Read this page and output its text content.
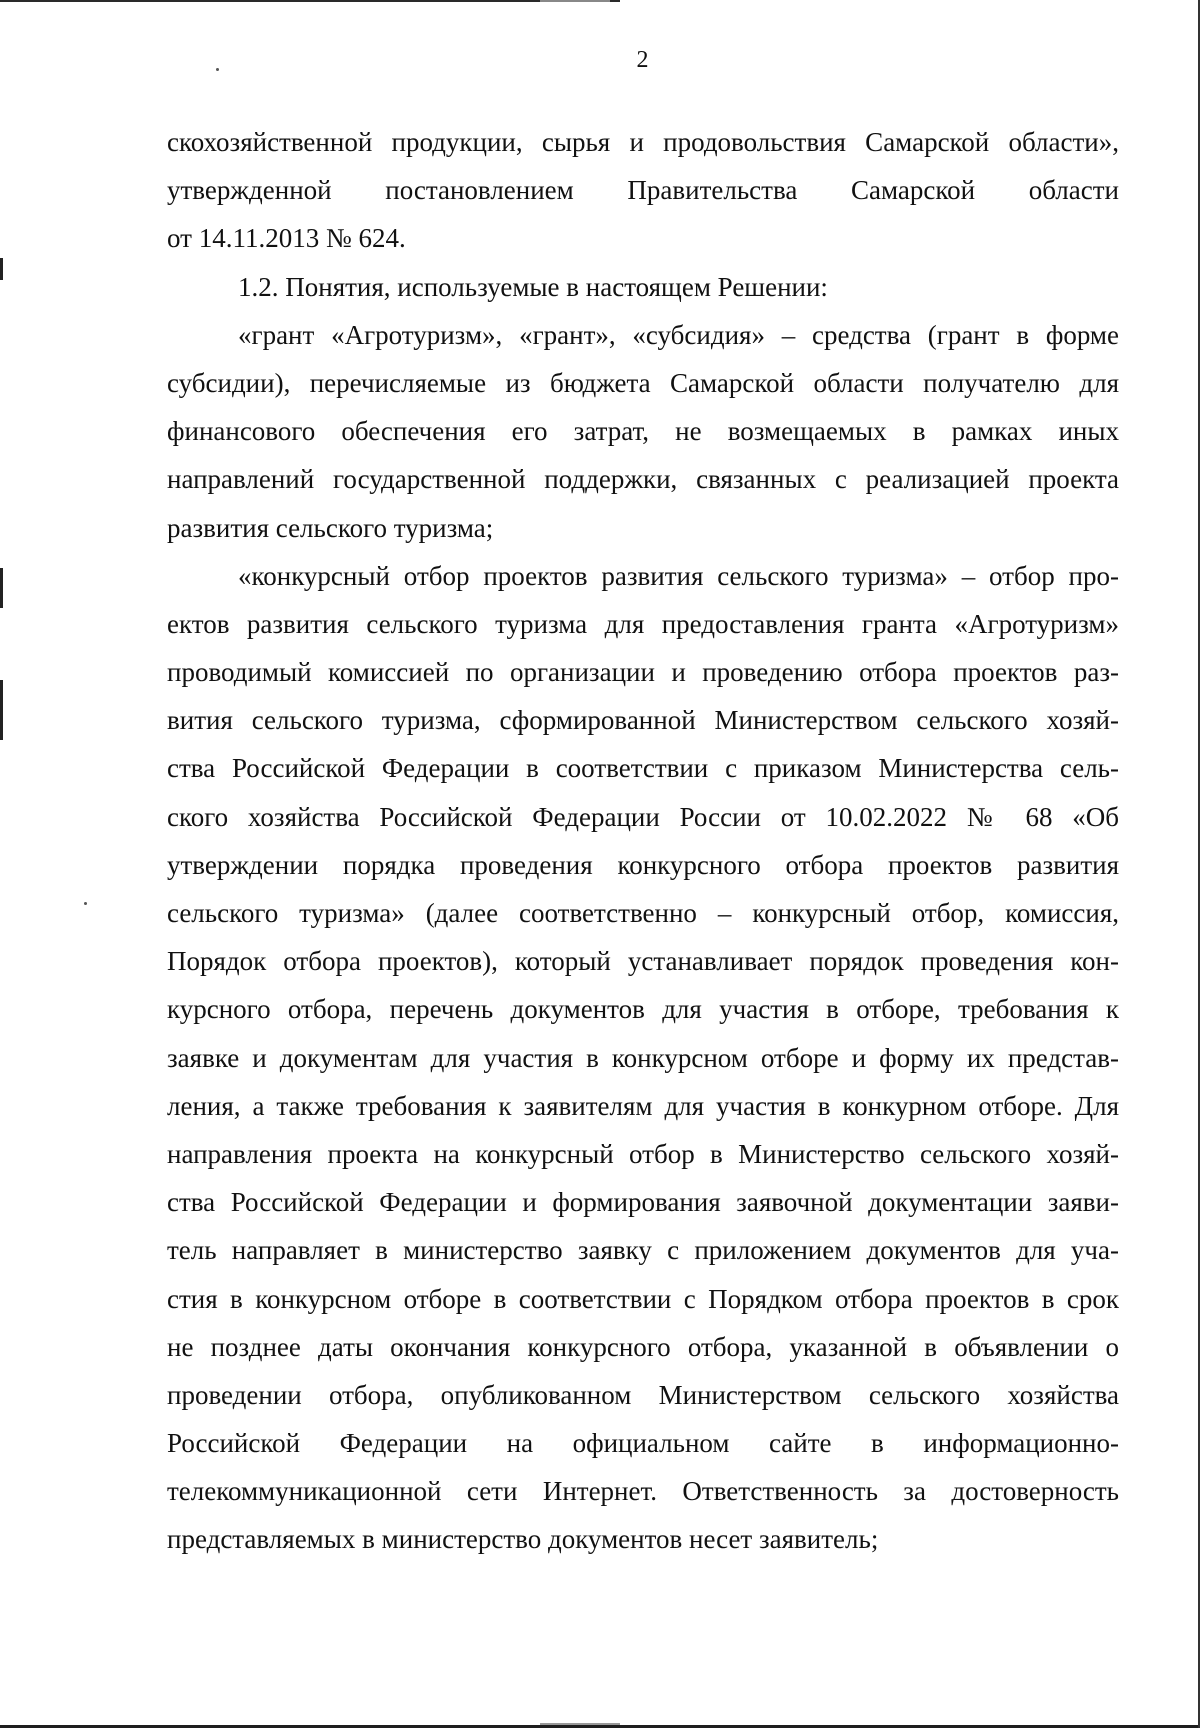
2
скохозяйственной продукции, сырья и продовольствия Самарской области»,
утвержденной постановлением Правительства Самарской области
от 14.11.2013 № 624.
1.2. Понятия, используемые в настоящем Решении:
«грант «Агротуризм», «грант», «субсидия» – средства (грант в форме
субсидии), перечисляемые из бюджета Самарской области получателю для
финансового обеспечения его затрат, не возмещаемых в рамках иных
направлений государственной поддержки, связанных с реализацией проекта
развития сельского туризма;
«конкурсный отбор проектов развития сельского туризма» – отбор про-
ектов развития сельского туризма для предоставления гранта «Агротуризм»
проводимый комиссией по организации и проведению отбора проектов раз-
вития сельского туризма, сформированной Министерством сельского хозяй-
ства Российской Федерации в соответствии с приказом Министерства сель-
ского хозяйства Российской Федерации России от 10.02.2022 № 68 «Об
утверждении порядка проведения конкурсного отбора проектов развития
сельского туризма» (далее соответственно – конкурсный отбор, комиссия,
Порядок отбора проектов), который устанавливает порядок проведения кон-
курсного отбора, перечень документов для участия в отборе, требования к
заявке и документам для участия в конкурсном отборе и форму их представ-
ления, а также требования к заявителям для участия в конкурном отборе. Для
направления проекта на конкурсный отбор в Министерство сельского хозяй-
ства Российской Федерации и формирования заявочной документации заяви-
тель направляет в министерство заявку с приложением документов для уча-
стия в конкурсном отборе в соответствии с Порядком отбора проектов в срок
не позднее даты окончания конкурсного отбора, указанной в объявлении о
проведении отбора, опубликованном Министерством сельского хозяйства
Российской Федерации на официальном сайте в информационно-
телекоммуникационной сети Интернет. Ответственность за достоверность
представляемых в министерство документов несет заявитель;
